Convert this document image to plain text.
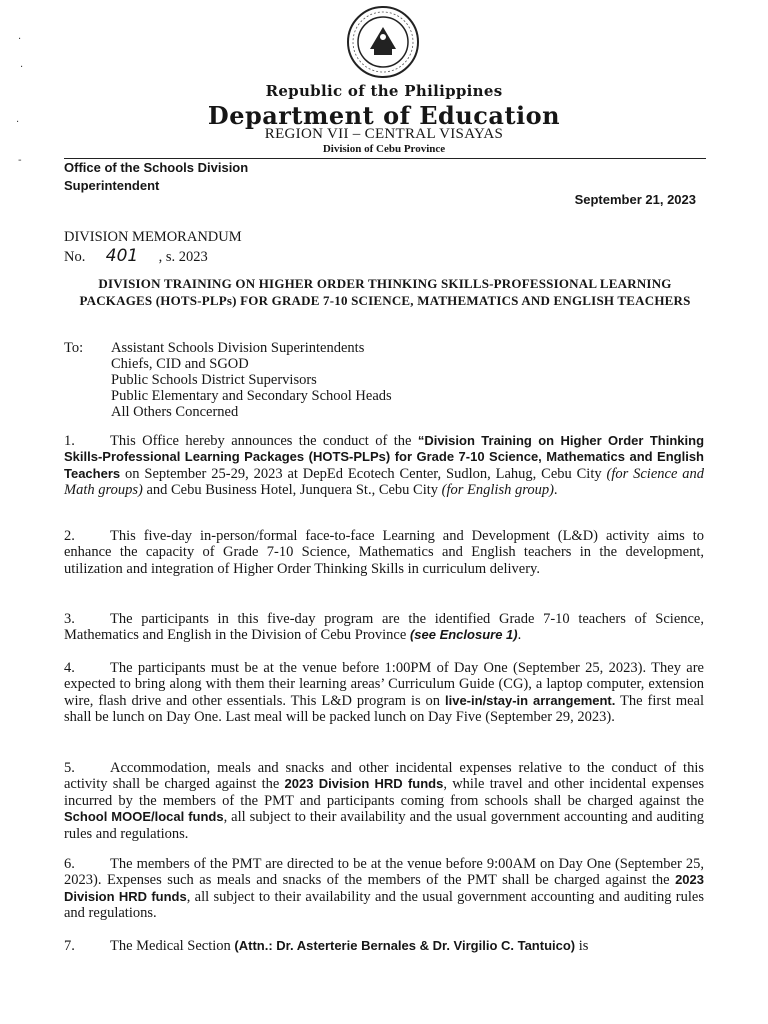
Republic of the Philippines
Department of Education
REGION VII – CENTRAL VISAYAS
Division of Cebu Province
Office of the Schools Division Superintendent
September 21, 2023
DIVISION MEMORANDUM
No. 401 , s. 2023
DIVISION TRAINING ON HIGHER ORDER THINKING SKILLS-PROFESSIONAL LEARNING PACKAGES (HOTS-PLPs) FOR GRADE 7-10 SCIENCE, MATHEMATICS AND ENGLISH TEACHERS
To: Assistant Schools Division Superintendents
Chiefs, CID and SGOD
Public Schools District Supervisors
Public Elementary and Secondary School Heads
All Others Concerned
1. This Office hereby announces the conduct of the “Division Training on Higher Order Thinking Skills-Professional Learning Packages (HOTS-PLPs) for Grade 7-10 Science, Mathematics and English Teachers on September 25-29, 2023 at DepEd Ecotech Center, Sudlon, Lahug, Cebu City (for Science and Math groups) and Cebu Business Hotel, Junquera St., Cebu City (for English group).
2. This five-day in-person/formal face-to-face Learning and Development (L&D) activity aims to enhance the capacity of Grade 7-10 Science, Mathematics and English teachers in the development, utilization and integration of Higher Order Thinking Skills in curriculum delivery.
3. The participants in this five-day program are the identified Grade 7-10 teachers of Science, Mathematics and English in the Division of Cebu Province (see Enclosure 1).
4. The participants must be at the venue before 1:00PM of Day One (September 25, 2023). They are expected to bring along with them their learning areas’ Curriculum Guide (CG), a laptop computer, extension wire, flash drive and other essentials. This L&D program is on live-in/stay-in arrangement. The first meal shall be lunch on Day One. Last meal will be packed lunch on Day Five (September 29, 2023).
5. Accommodation, meals and snacks and other incidental expenses relative to the conduct of this activity shall be charged against the 2023 Division HRD funds, while travel and other incidental expenses incurred by the members of the PMT and participants coming from schools shall be charged against the School MOOE/local funds, all subject to their availability and the usual government accounting and auditing rules and regulations.
6. The members of the PMT are directed to be at the venue before 9:00AM on Day One (September 25, 2023). Expenses such as meals and snacks of the members of the PMT shall be charged against the 2023 Division HRD funds, all subject to their availability and the usual government accounting and auditing rules and regulations.
7. The Medical Section (Attn.: Dr. Asterterie Bernales & Dr. Virgilio C. Tantuico) is
·
·
·
-
